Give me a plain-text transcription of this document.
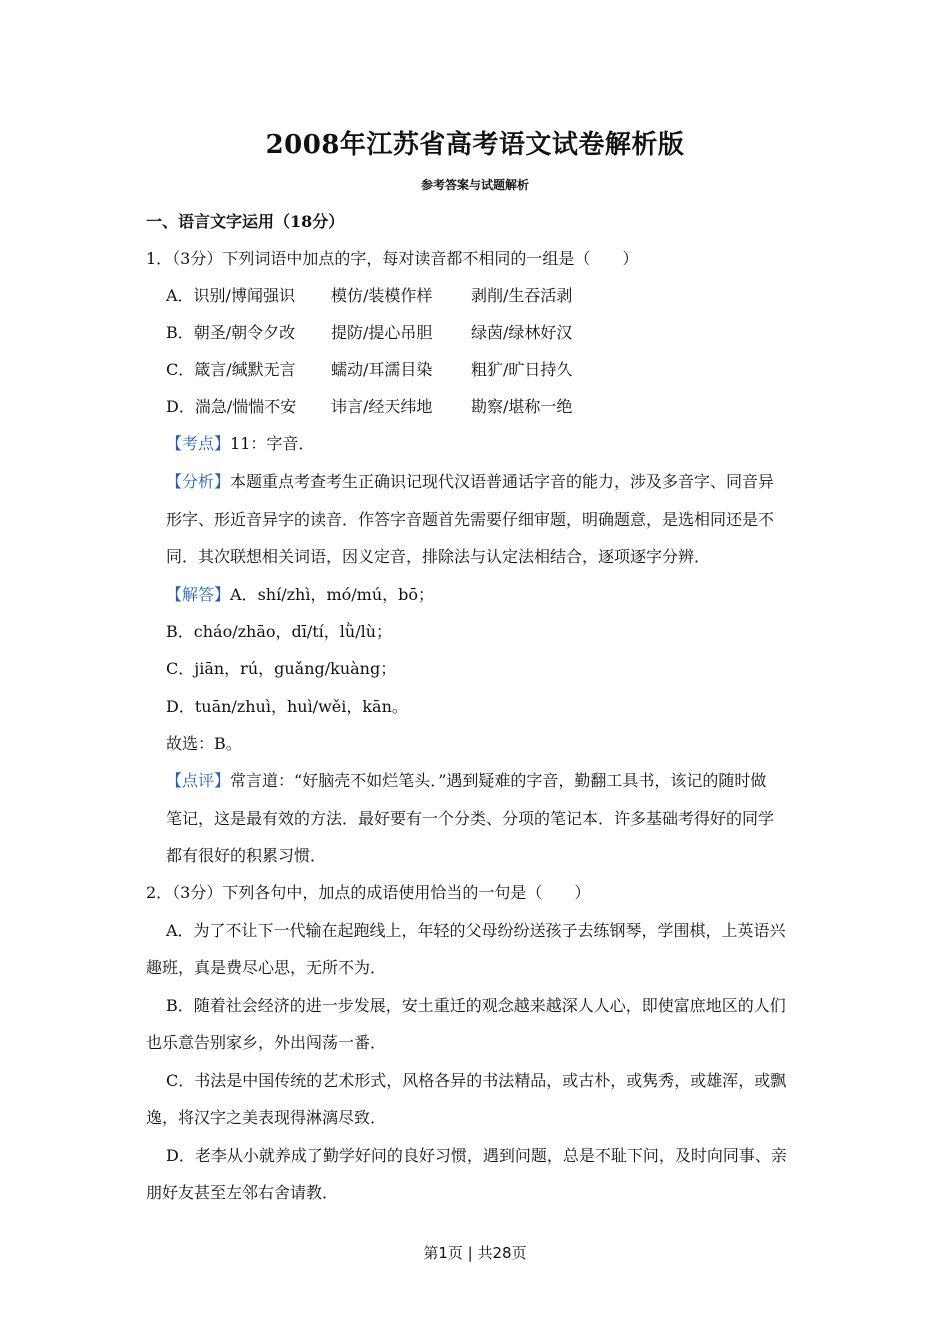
2008年江苏省高考语文试卷解析版
参考答案与试题解析
一、语言文字运用（18分）
1．（3分）下列词语中加点的字，每对读音都不相同的一组是（　　）
A．识别/博闻强识 模仿/装模作样 剥削/生吞活剥
B．朝圣/朝令夕改 提防/提心吊胆 绿茵/绿林好汉
C．箴言/缄默无言 蠕动/耳濡目染 粗犷/旷日持久
D．湍急/惴惴不安 讳言/经天纬地 勘察/堪称一绝
【考点】11：字音．
【分析】本题重点考查考生正确识记现代汉语普通话字音的能力，涉及多音字、同音异
形字、形近音异字的读音．作答字音题首先需要仔细审题，明确题意，是选相同还是不
同．其次联想相关词语，因义定音，排除法与认定法相结合，逐项逐字分辨．
【解答】A．shí/zhì，mó/mú，bō；
B．cháo/zhāo，dī/tí，lǜ/lù；
C．jiān，rú，guǎng/kuàng；
D．tuān/zhuì，huì/wěi，kān。
故选：B。
【点评】常言道：“好脑壳不如烂笔头．”遇到疑难的字音，勤翻工具书，该记的随时做
笔记，这是最有效的方法．最好要有一个分类、分项的笔记本．许多基础考得好的同学
都有很好的积累习惯．
2．（3分）下列各句中，加点的成语使用恰当的一句是（　　）
A．为了不让下一代输在起跑线上，年轻的父母纷纷送孩子去练钢琴，学围棋，上英语兴
趣班，真是费尽心思，无所不为．
B．随着社会经济的进一步发展，安土重迁的观念越来越深人人心，即使富庶地区的人们
也乐意告别家乡，外出闯荡一番．
C．书法是中国传统的艺术形式，风格各异的书法精品，或古朴，或隽秀，或雄浑，或飘
逸，将汉字之美表现得淋漓尽致．
D．老李从小就养成了勤学好问的良好习惯，遇到问题，总是不耻下问，及时向同事、亲
朋好友甚至左邻右舍请教．
第1页 | 共28页
